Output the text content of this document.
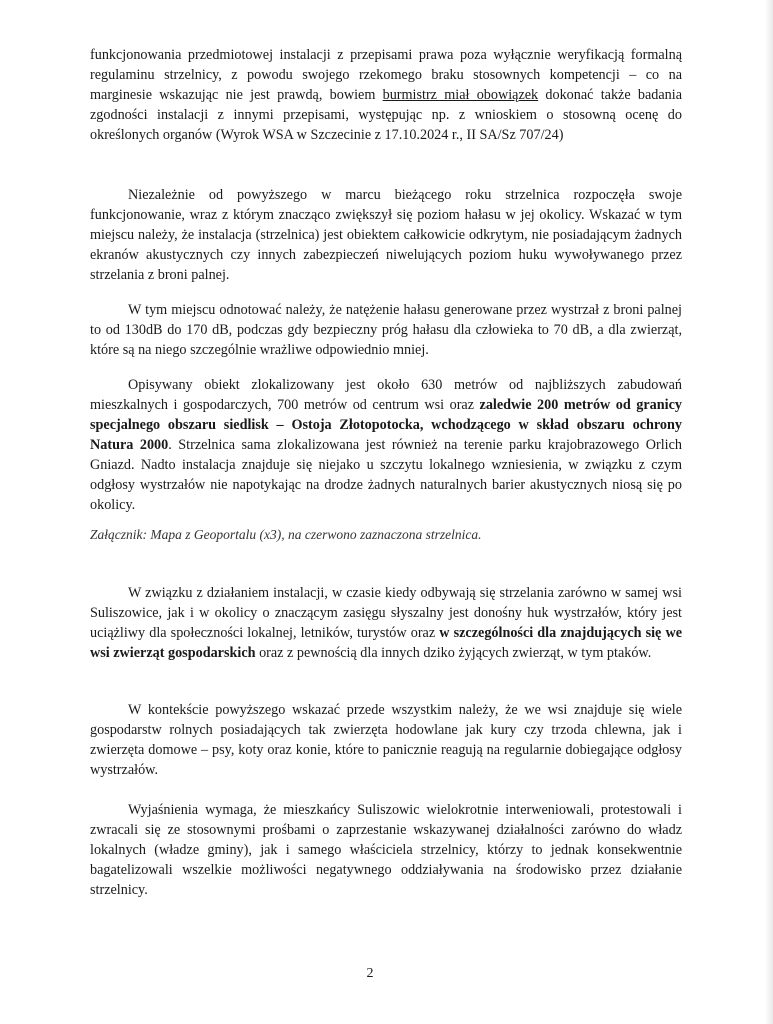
funkcjonowania przedmiotowej instalacji z przepisami prawa poza wyłącznie weryfikacją formalną regulaminu strzelnicy, z powodu swojego rzekomego braku stosownych kompetencji – co na marginesie wskazując nie jest prawdą, bowiem burmistrz miał obowiązek dokonać także badania zgodności instalacji z innymi przepisami, występując np. z wnioskiem o stosowną ocenę do określonych organów (Wyrok WSA w Szczecinie z 17.10.2024 r., II SA/Sz 707/24)

Niezależnie od powyższego w marcu bieżącego roku strzelnica rozpoczęła swoje funkcjonowanie, wraz z którym znacząco zwiększył się poziom hałasu w jej okolicy. Wskazać w tym miejscu należy, że instalacja (strzelnica) jest obiektem całkowicie odkrytym, nie posiadającym żadnych ekranów akustycznych czy innych zabezpieczeń niwelujących poziom huku wywoływanego przez strzelania z broni palnej.

W tym miejscu odnotować należy, że natężenie hałasu generowane przez wystrzał z broni palnej to od 130dB do 170 dB, podczas gdy bezpieczny próg hałasu dla człowieka to 70 dB, a dla zwierząt, które są na niego szczególnie wrażliwe odpowiednio mniej.

Opisywany obiekt zlokalizowany jest około 630 metrów od najbliższych zabudowań mieszkalnych i gospodarczych, 700 metrów od centrum wsi oraz zaledwie 200 metrów od granicy specjalnego obszaru siedlisk – Ostoja Złotopotocka, wchodzącego w skład obszaru ochrony Natura 2000. Strzelnica sama zlokalizowana jest również na terenie parku krajobrazowego Orlich Gniazd. Nadto instalacja znajduje się niejako u szczytu lokalnego wzniesienia, w związku z czym odgłosy wystrzałów nie napotykając na drodze żadnych naturalnych barier akustycznych niosą się po okolicy.

Załącznik: Mapa z Geoportalu (x3), na czerwono zaznaczona strzelnica.

W związku z działaniem instalacji, w czasie kiedy odbywają się strzelania zarówno w samej wsi Suliszowice, jak i w okolicy o znaczącym zasięgu słyszalny jest donośny huk wystrzałów, który jest uciążliwy dla społeczności lokalnej, letników, turystów oraz w szczególności dla znajdujących się we wsi zwierząt gospodarskich oraz z pewnością dla innych dziko żyjących zwierząt, w tym ptaków.

W kontekście powyższego wskazać przede wszystkim należy, że we wsi znajduje się wiele gospodarstw rolnych posiadających tak zwierzęta hodowlane jak kury czy trzoda chlewna, jak i zwierzęta domowe – psy, koty oraz konie, które to panicznie reagują na regularnie dobiegające odgłosy wystrzałów.

Wyjaśnienia wymaga, że mieszkańcy Suliszowic wielokrotnie interweniowali, protestowali i zwracali się ze stosownymi prośbami o zaprzestanie wskazywanej działalności zarówno do władz lokalnych (władze gminy), jak i samego właściciela strzelnicy, którzy to jednak konsekwentnie bagatelizowali wszelkie możliwości negatywnego oddziaływania na środowisko przez działanie strzelnicy.

2
